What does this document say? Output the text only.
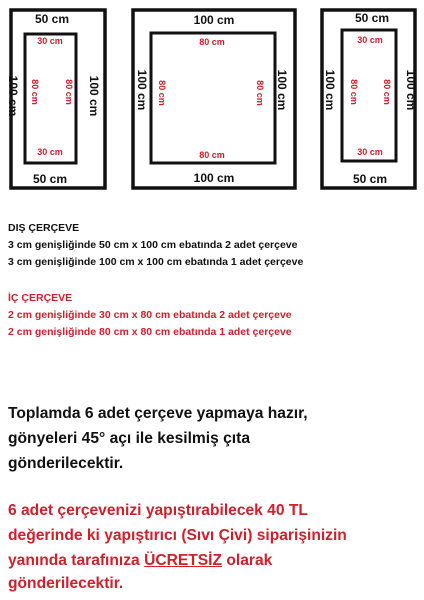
50 cm
50 cm
100 cm	100 cm
30 cm
30 cm
80 cm	80 cm
100 cm
100 cm
100 cm	100 cm
80 cm
80 cm
80 cm	80 cm
50 cm
50 cm
100 cm	100 cm
30 cm
30 cm
80 cm	80 cm

DIŞ ÇERÇEVE

3 cm genişliğinde 50 cm x 100 cm ebatında 2 adet çerçeve

3 cm genişliğinde 100 cm x 100 cm ebatında 1 adet çerçeve

İÇ ÇERÇEVE

2 cm genişliğinde 30 cm x 80 cm ebatında 2 adet çerçeve

2 cm genişliğinde 80 cm x 80 cm ebatında 1 adet çerçeve

Toplamda 6 adet çerçeve yapmaya hazır,

gönyeleri 45° açı ile kesilmiş çıta

gönderilecektir.

6 adet çerçevenizi yapıştırabilecek 40 TL

değerinde ki yapıştırıcı (Sıvı Çivi) siparişinizin

yanında tarafınıza ÜCRETSİZ olarak

gönderilecektir.
